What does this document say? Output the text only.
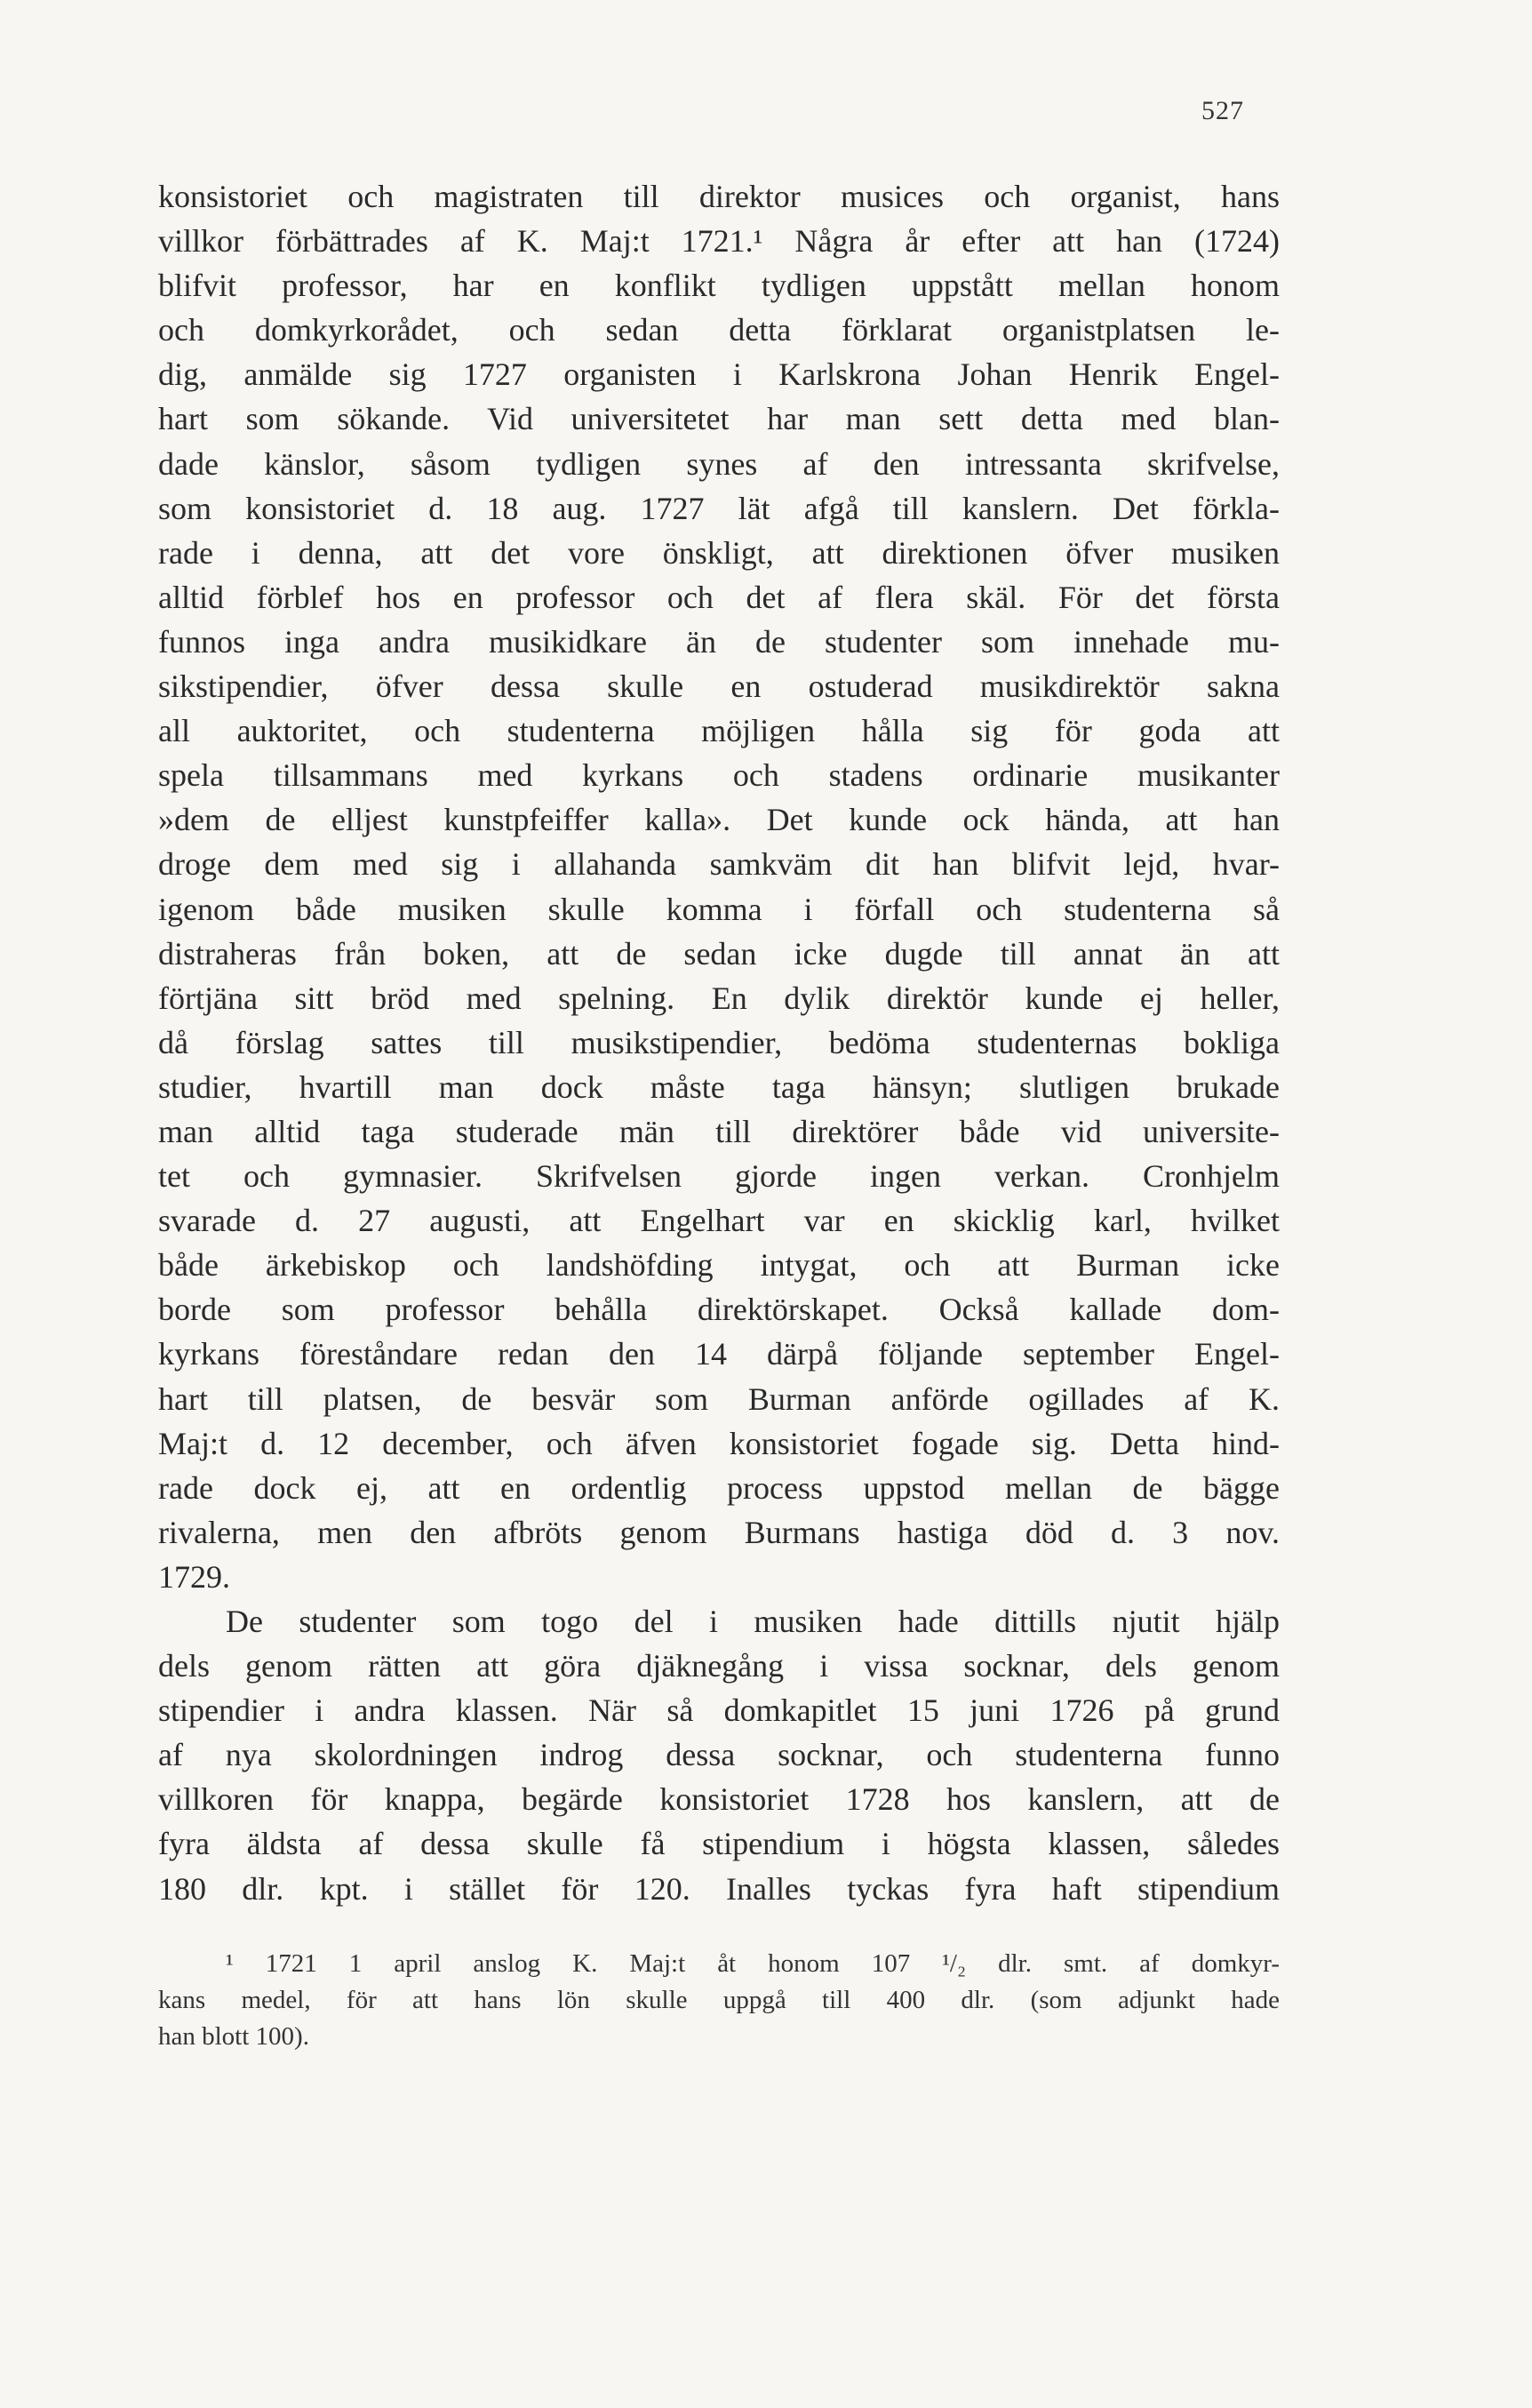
527
konsistoriet och magistraten till direktor musices och organist, hans
villkor förbättrades af K. Maj:t 1721.¹ Några år efter att han (1724)
blifvit professor, har en konflikt tydligen uppstått mellan honom
och domkyrkorådet, och sedan detta förklarat organistplatsen le-
dig, anmälde sig 1727 organisten i Karlskrona Johan Henrik Engel-
hart som sökande. Vid universitetet har man sett detta med blan-
dade känslor, såsom tydligen synes af den intressanta skrifvelse,
som konsistoriet d. 18 aug. 1727 lät afgå till kanslern. Det förkla-
rade i denna, att det vore önskligt, att direktionen öfver musiken
alltid förblef hos en professor och det af flera skäl. För det första
funnos inga andra musikidkare än de studenter som innehade mu-
sikstipendier, öfver dessa skulle en ostuderad musikdirektör sakna
all auktoritet, och studenterna möjligen hålla sig för goda att
spela tillsammans med kyrkans och stadens ordinarie musikanter
»dem de elljest kunstpfeiffer kalla». Det kunde ock hända, att han
droge dem med sig i allahanda samkväm dit han blifvit lejd, hvar-
igenom både musiken skulle komma i förfall och studenterna så
distraheras från boken, att de sedan icke dugde till annat än att
förtjäna sitt bröd med spelning. En dylik direktör kunde ej heller,
då förslag sattes till musikstipendier, bedöma studenternas bokliga
studier, hvartill man dock måste taga hänsyn; slutligen brukade
man alltid taga studerade män till direktörer både vid universite-
tet och gymnasier. Skrifvelsen gjorde ingen verkan. Cronhjelm
svarade d. 27 augusti, att Engelhart var en skicklig karl, hvilket
både ärkebiskop och landshöfding intygat, och att Burman icke
borde som professor behålla direktörskapet. Också kallade dom-
kyrkans föreståndare redan den 14 därpå följande september Engel-
hart till platsen, de besvär som Burman anförde ogillades af K.
Maj:t d. 12 december, och äfven konsistoriet fogade sig. Detta hind-
rade dock ej, att en ordentlig process uppstod mellan de bägge
rivalerna, men den afbröts genom Burmans hastiga död d. 3 nov.
1729.
De studenter som togo del i musiken hade dittills njutit hjälp
dels genom rätten att göra djäknegång i vissa socknar, dels genom
stipendier i andra klassen. När så domkapitlet 15 juni 1726 på grund
af nya skolordningen indrog dessa socknar, och studenterna funno
villkoren för knappa, begärde konsistoriet 1728 hos kanslern, att de
fyra äldsta af dessa skulle få stipendium i högsta klassen, således
180 dlr. kpt. i stället för 120. Inalles tyckas fyra haft stipendium
¹ 1721 1 april anslog K. Maj:t åt honom 107 ¹/₂ dlr. smt. af domkyr-
kans medel, för att hans lön skulle uppgå till 400 dlr. (som adjunkt hade
han blott 100).
